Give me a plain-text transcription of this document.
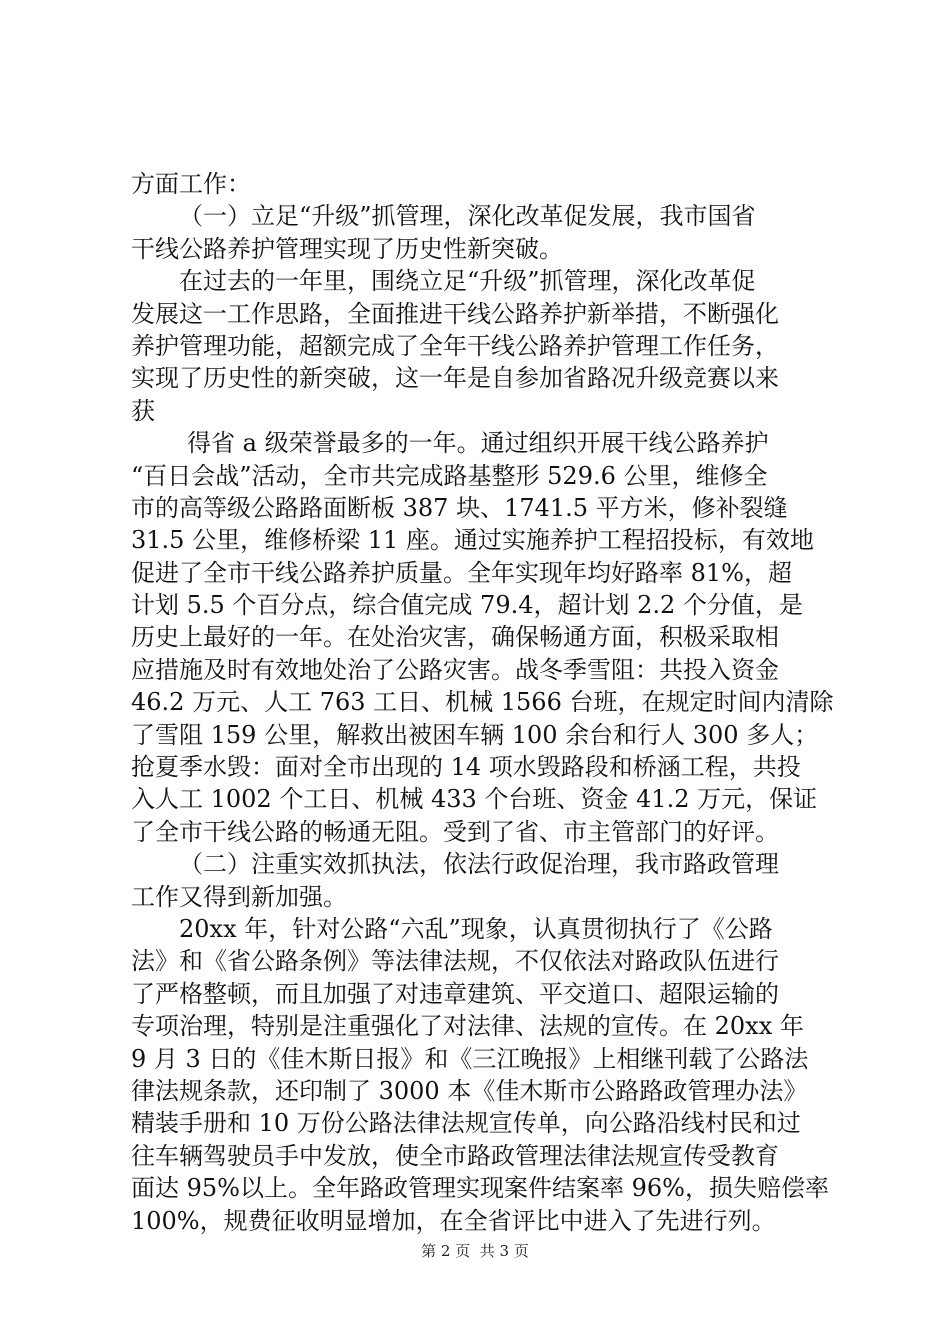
方面工作：
（一）立足“升级”抓管理，深化改革促发展，我市国省
干线公路养护管理实现了历史性新突破。
在过去的一年里，围绕立足“升级”抓管理，深化改革促
发展这一工作思路，全面推进干线公路养护新举措，不断强化
养护管理功能，超额完成了全年干线公路养护管理工作任务，
实现了历史性的新突破，这一年是自参加省路况升级竞赛以来
获
得省 a 级荣誉最多的一年。通过组织开展干线公路养护
“百日会战”活动，全市共完成路基整形 529.6 公里，维修全
市的高等级公路路面断板 387 块、1741.5 平方米，修补裂缝
31.5 公里，维修桥梁 11 座。通过实施养护工程招投标，有效地
促进了全市干线公路养护质量。全年实现年均好路率 81%，超
计划 5.5 个百分点，综合值完成 79.4，超计划 2.2 个分值，是
历史上最好的一年。在处治灾害，确保畅通方面，积极采取相
应措施及时有效地处治了公路灾害。战冬季雪阻：共投入资金
46.2 万元、人工 763 工日、机械 1566 台班，在规定时间内清除
了雪阻 159 公里，解救出被困车辆 100 余台和行人 300 多人；
抢夏季水毁：面对全市出现的 14 项水毁路段和桥涵工程，共投
入人工 1002 个工日、机械 433 个台班、资金 41.2 万元，保证
了全市干线公路的畅通无阻。受到了省、市主管部门的好评。
（二）注重实效抓执法，依法行政促治理，我市路政管理
工作又得到新加强。
20xx 年，针对公路“六乱”现象，认真贯彻执行了《公路
法》和《省公路条例》等法律法规，不仅依法对路政队伍进行
了严格整顿，而且加强了对违章建筑、平交道口、超限运输的
专项治理，特别是注重强化了对法律、法规的宣传。在 20xx 年
9 月 3 日的《佳木斯日报》和《三江晚报》上相继刊载了公路法
律法规条款，还印制了 3000 本《佳木斯市公路路政管理办法》
精装手册和 10 万份公路法律法规宣传单，向公路沿线村民和过
往车辆驾驶员手中发放，使全市路政管理法律法规宣传受教育
面达 95%以上。全年路政管理实现案件结案率 96%，损失赔偿率
100%，规费征收明显增加，在全省评比中进入了先进行列。
第 2 页  共 3 页
